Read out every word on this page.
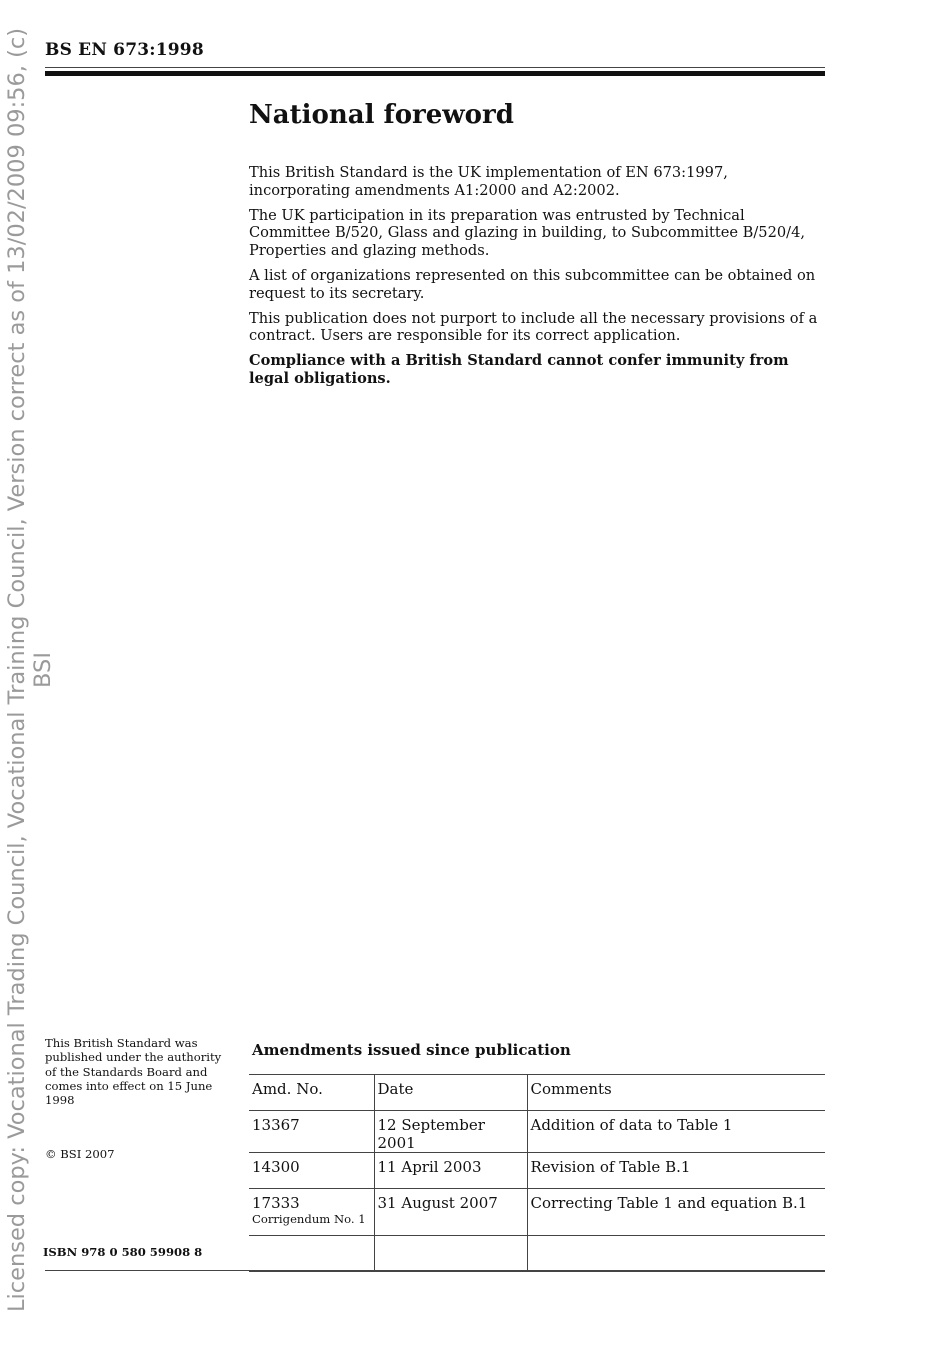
Licensed copy: Vocational Trading Council, Vocational Training Council, Version correct as of 13/02/2009 09:56, (c) BSI
BS EN 673:1998
National foreword

This British Standard is the UK implementation of EN 673:1997, incorporating amendments A1:2000 and A2:2002.

The UK participation in its preparation was entrusted by Technical Committee B/520, Glass and glazing in building, to Subcommittee B/520/4, Properties and glazing methods.

A list of organizations represented on this subcommittee can be obtained on request to its secretary.

This publication does not purport to include all the necessary provisions of a contract. Users are responsible for its correct application.

Compliance with a British Standard cannot confer immunity from legal obligations.

This British Standard was published under the authority of the Standards Board and comes into effect on 15 June 1998
© BSI 2007
ISBN 978 0 580 59908 8
Amendments issued since publication
Amd. No.	Date	Comments
13367	12 September 2001	Addition of data to Table 1
14300	11 April 2003	Revision of Table B.1
17333
Corrigendum No. 1	31 August 2007	Correcting Table 1 and equation B.1
